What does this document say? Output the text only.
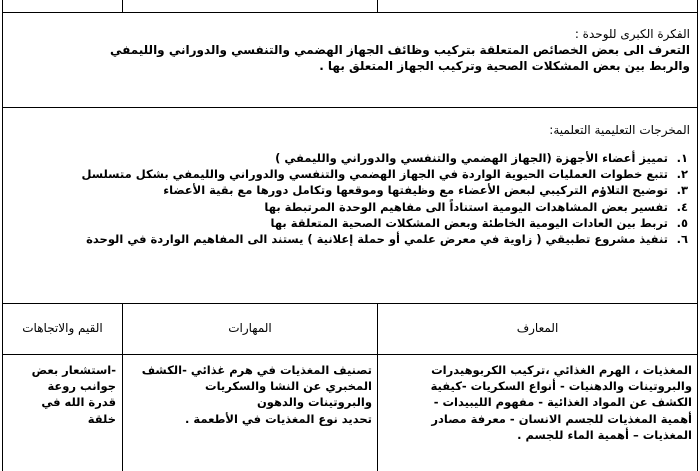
الفكرة الكبرى للوحدة :
التعرف الى بعض الخصائص المتعلقة بتركيب وظائف الجهاز الهضمي والتنفسي والدوراني والليمفي
والربط بين بعض المشكلات الصحية وتركيب الجهاز المتعلق بها .
المخرجات التعليمية التعلمية:
١. تمييز أعضاء الأجهزة (الجهاز الهضمي والتنفسي والدوراني والليمفي )
٢. تتبع خطوات العمليات الحيوية الواردة في الجهاز الهضمي والتنفسي والدوراني والليمفي بشكل متسلسل
٣. توضيح التلاؤم التركيبي لبعض الأعضاء مع وظيفتها وموقعها وتكامل دورها مع بقية الأعضاء
٤. تفسير بعض المشاهدات اليومية استناداً الى مفاهيم الوحدة المرتبطة بها
٥. تربط بين العادات اليومية الخاطئة وبعض المشكلات الصحية المتعلقة بها
٦. تنفيذ مشروع تطبيقي ( زاوية في معرض علمي أو حملة إعلانية ) يستند الى المفاهيم الواردة في الوحدة
المعارف
المهارات
القيم والاتجاهات
المغذيات ، الهرم الغذائي ،تركيب الكربوهيدرات
والبروتينات والدهنيات - أنواع السكريات -كيفية
الكشف عن المواد الغذائية - مفهوم الليبيدات -
أهمية المغذيات للجسم الانسان - معرفة مصادر
المغذيات – أهمية الماء للجسم .
تصنيف المغذيات في هرم غذائي -الكشف
المخبري عن النشا والسكريات
والبروتينات والدهون
تحديد نوع المغذيات في الأطعمة .
-استشعار بعض
جوانب روعة
قدرة الله في
خلقة
